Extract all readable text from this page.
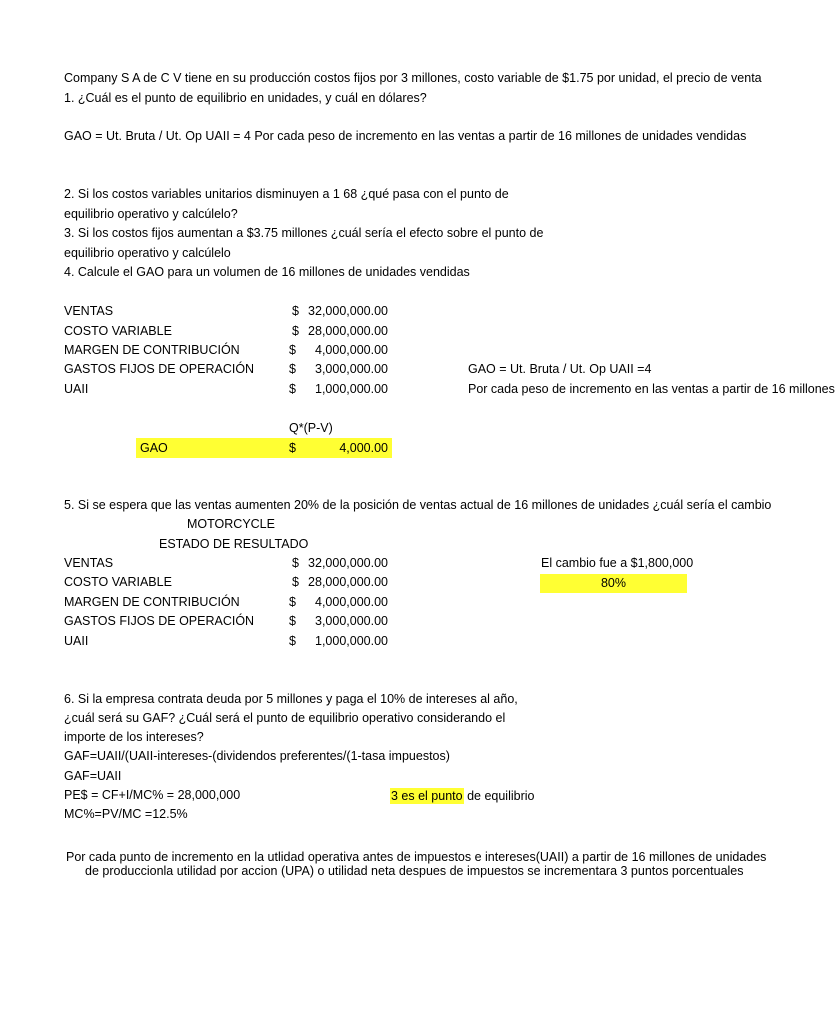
Company S A de C V tiene en su producción costos fijos por 3 millones, costo variable de $1.75 por unidad, el precio de venta
1. ¿Cuál es el punto de equilibrio en unidades, y cuál en dólares?
GAO = Ut. Bruta / Ut. Op UAII = 4 Por cada peso de incremento en las ventas a partir de 16 millones de unidades vendidas
2. Si los costos variables unitarios disminuyen a 1 68 ¿qué pasa con el punto de
equilibrio operativo y calcúlelo?
3. Si los costos fijos aumentan a $3.75 millones ¿cuál sería el efecto sobre el punto de
equilibrio operativo y calcúlelo
4. Calcule el GAO para un volumen de 16 millones de unidades vendidas
VENTAS	$ 32,000,000.00
COSTO VARIABLE	$ 28,000,000.00
MARGEN DE CONTRIBUCIÓN	$	4,000,000.00
GASTOS FIJOS DE OPERACIÓN	$	3,000,000.00
UAII	$	1,000,000.00
GAO = Ut. Bruta / Ut. Op UAII =4
Por cada peso de incremento en las ventas a partir de 16 millones
Q*(P-V)
GAO	$	4,000.00
5. Si se espera que las ventas aumenten 20% de la posición de ventas actual de 16 millones de unidades ¿cuál sería el cambio
MOTORCYCLE
ESTADO DE RESULTADO
VENTAS	$ 32,000,000.00
COSTO VARIABLE	$ 28,000,000.00
MARGEN DE CONTRIBUCIÓN	$	4,000,000.00
GASTOS FIJOS DE OPERACIÓN	$	3,000,000.00
UAII	$	1,000,000.00
El cambio fue a $1,800,000
80%
6. Si la empresa contrata deuda por 5 millones y paga el 10% de intereses al año,
¿cuál será su GAF? ¿Cuál será el punto de equilibrio operativo considerando el
importe de los intereses?
GAF=UAII/(UAII-intereses-(dividendos preferentes/(1-tasa impuestos)
GAF=UAII
PE$ = CF+I/MC% = 28,000,000
MC%=PV/MC =12.5%
3 es el punto de equilibrio
Por cada punto de incremento en la utlidad operativa antes de impuestos e intereses(UAII) a partir de 16 millones de unidades
de produccionla utilidad por accion (UPA) o utilidad neta despues de impuestos se incrementara 3 puntos porcentuales
